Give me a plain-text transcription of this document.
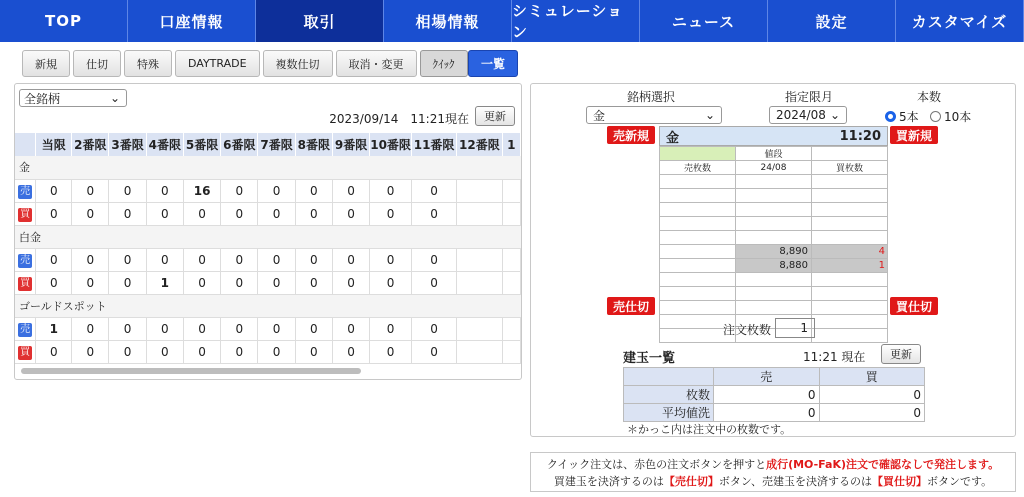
TOP	口座情報	取引	相場情報
シミュレーション
ニュース	設定	カスタマイズ
新規	仕切	特殊	DAYTRADE	複数仕切	取消・変更	ｸｲｯｸ	一覧
全銘柄	⌄
2023/09/14　11:21現在	更新
	当限	2番限	3番限	4番限	5番限	6番限	7番限	8番限	9番限	10番限	11番限	12番限	1
金													
売	0	0	0	0	16	0	0	0	0	0	0		
買	0	0	0	0	0	0	0	0	0	0	0		
白金													
売	0	0	0	0	0	0	0	0	0	0	0		
買	0	0	0	1	0	0	0	0	0	0	0		
ゴールドスポット													
売	1	0	0	0	0	0	0	0	0	0	0		
買	0	0	0	0	0	0	0	0	0	0	0		
銘柄選択
金	⌄
指定限月
2024/08 ⌄
本数
5本 10本
売新規	買新規
売仕切	買仕切
金	11:20
	値段	
売枚数	24/08	買枚数

	8,890	4
	8,880	1

注文枚数	1
建玉一覧	11:21 現在	更新
	売	買
枚数	0	0
平均値洗	0	0
＊かっこ内は注文中の枚数です。
クイック注文は、赤色の注文ボタンを押すと成行(MO-FaK)注文で確認なしで発注します。
買建玉を決済するのは【売仕切】ボタン、売建玉を決済するのは【買仕切】ボタンです。
